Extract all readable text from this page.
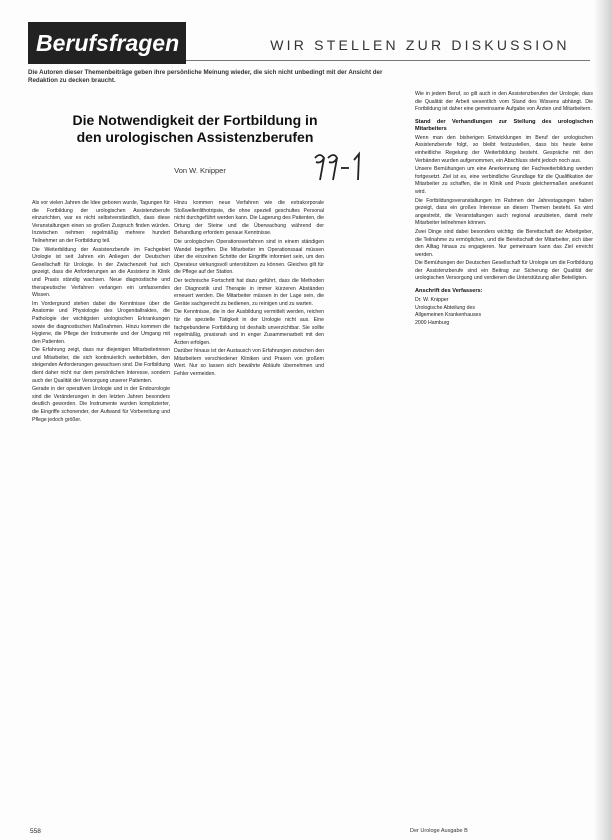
Berufsfragen	WIR STELLEN ZUR DISKUSSION
Die Autoren dieser Themenbeiträge geben ihre persönliche Meinung wieder, die sich nicht unbedingt mit der Ansicht der Redaktion zu decken braucht.
Die Notwendigkeit der Fortbildung in den urologischen Assistenzberufen
Von W. Knipper

Als vor vielen Jahren die Idee geboren wurde, Tagungen für die Fortbildung der urologischen Assistenzberufe einzurichten, war es nicht selbstverständlich, dass diese Veranstaltungen einen so großen Zuspruch finden würden. Inzwischen nehmen regelmäßig mehrere hundert Teilnehmer an der Fortbildung teil.

Die Weiterbildung der Assistenzberufe im Fachgebiet Urologie ist seit Jahren ein Anliegen der Deutschen Gesellschaft für Urologie. In der Zwischenzeit hat sich gezeigt, dass die Anforderungen an die Assistenz in Klinik und Praxis ständig wachsen. Neue diagnostische und therapeutische Verfahren verlangen ein umfassendes Wissen.

Im Vordergrund stehen dabei die Kenntnisse über die Anatomie und Physiologie des Urogenitaltraktes, die Pathologie der wichtigsten urologischen Erkrankungen sowie die diagnostischen Maßnahmen. Hinzu kommen die Hygiene, die Pflege der Instrumente und der Umgang mit den Patienten.

Die Erfahrung zeigt, dass nur diejenigen Mitarbeiterinnen und Mitarbeiter, die sich kontinuierlich weiterbilden, den steigenden Anforderungen gewachsen sind. Die Fortbildung dient daher nicht nur dem persönlichen Interesse, sondern auch der Qualität der Versorgung unserer Patienten.

Gerade in der operativen Urologie und in der Endourologie sind die Veränderungen in den letzten Jahren besonders deutlich geworden. Die Instrumente wurden komplizierter, die Eingriffe schonender, der Aufwand für Vorbereitung und Pflege jedoch größer.

Hinzu kommen neue Verfahren wie die extrakorporale Stoßwellenlithotripsie, die ohne speziell geschultes Personal nicht durchgeführt werden kann. Die Lagerung des Patienten, die Ortung der Steine und die Überwachung während der Behandlung erfordern genaue Kenntnisse.

Die urologischen Operationsverfahren sind in einem ständigen Wandel begriffen. Die Mitarbeiter im Operationssaal müssen über die einzelnen Schritte der Eingriffe informiert sein, um den Operateur wirkungsvoll unterstützen zu können. Gleiches gilt für die Pflege auf der Station.

Der technische Fortschritt hat dazu geführt, dass die Methoden der Diagnostik und Therapie in immer kürzeren Abständen erneuert werden. Die Mitarbeiter müssen in der Lage sein, die Geräte sachgerecht zu bedienen, zu reinigen und zu warten.

Die Kenntnisse, die in der Ausbildung vermittelt werden, reichen für die spezielle Tätigkeit in der Urologie nicht aus. Eine fachgebundene Fortbildung ist deshalb unverzichtbar. Sie sollte regelmäßig, praxisnah und in enger Zusammenarbeit mit den Ärzten erfolgen.

Darüber hinaus ist der Austausch von Erfahrungen zwischen den Mitarbeitern verschiedener Kliniken und Praxen von großem Wert. Nur so lassen sich bewährte Abläufe übernehmen und Fehler vermeiden.

Wie in jedem Beruf, so gilt auch in den Assistenzberufen der Urologie, dass die Qualität der Arbeit wesentlich vom Stand des Wissens abhängt. Die Fortbildung ist daher eine gemeinsame Aufgabe von Ärzten und Mitarbeitern.

Stand der Verhandlungen zur Stellung des urologischen Mitarbeiters

Wenn man den bisherigen Entwicklungen im Beruf der urologischen Assistenzberufe folgt, so bleibt festzustellen, dass bis heute keine einheitliche Regelung der Weiterbildung besteht. Gespräche mit den Verbänden wurden aufgenommen, ein Abschluss steht jedoch noch aus.

Unsere Bemühungen um eine Anerkennung der Fachweiterbildung werden fortgesetzt. Ziel ist es, eine verbindliche Grundlage für die Qualifikation der Mitarbeiter zu schaffen, die in Klinik und Praxis gleichermaßen anerkannt wird.

Die Fortbildungsveranstaltungen im Rahmen der Jahrestagungen haben gezeigt, dass ein großes Interesse an diesen Themen besteht. Es wird angestrebt, die Veranstaltungen auch regional anzubieten, damit mehr Mitarbeiter teilnehmen können.

Zwei Dinge sind dabei besonders wichtig: die Bereitschaft der Arbeitgeber, die Teilnahme zu ermöglichen, und die Bereitschaft der Mitarbeiter, sich über den Alltag hinaus zu engagieren. Nur gemeinsam kann das Ziel erreicht werden.

Die Bemühungen der Deutschen Gesellschaft für Urologie um die Fortbildung der Assistenzberufe sind ein Beitrag zur Sicherung der Qualität der urologischen Versorgung und verdienen die Unterstützung aller Beteiligten.

Anschrift des Verfassers:
Dr. W. Knipper
Urologische Abteilung des
Allgemeinen Krankenhauses
2000 Hamburg
558	Der Urologe Ausgabe B
